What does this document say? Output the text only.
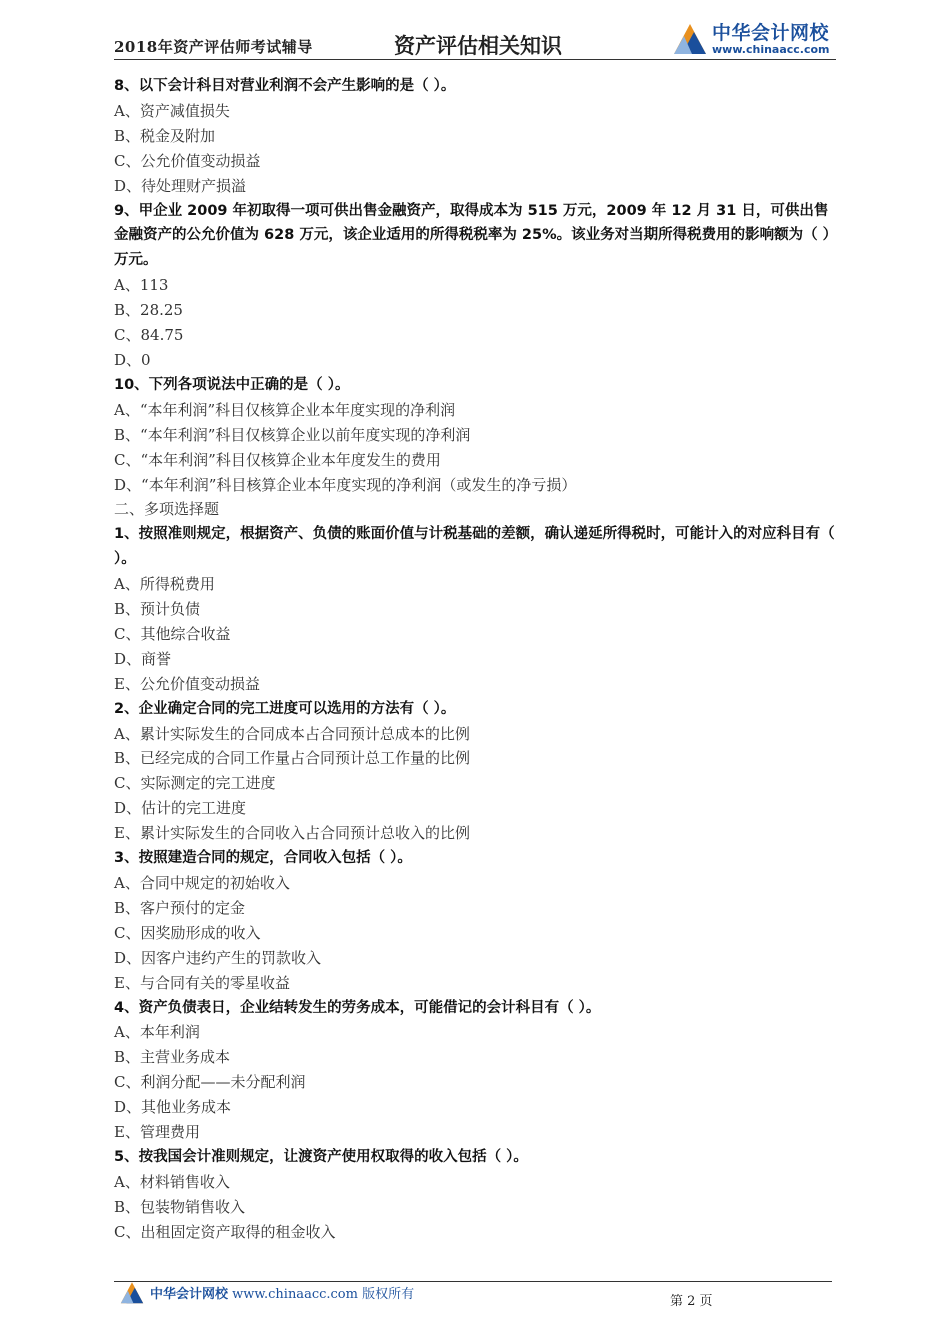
2018年资产评估师考试辅导	资产评估相关知识	中华会计网校
www.chinaacc.com
8、以下会计科目对营业利润不会产生影响的是（ ）。
A、资产减值损失
B、税金及附加
C、公允价值变动损益
D、待处理财产损溢
9、甲企业 2009 年初取得一项可供出售金融资产，取得成本为 515 万元，2009 年 12 月 31 日，可供出售金融资产的公允价值为 628 万元，该企业适用的所得税税率为 25%。该业务对当期所得税费用的影响额为（ ）万元。
A、113
B、28.25
C、84.75
D、0
10、下列各项说法中正确的是（ ）。
A、“本年利润”科目仅核算企业本年度实现的净利润
B、“本年利润”科目仅核算企业以前年度实现的净利润
C、“本年利润”科目仅核算企业本年度发生的费用
D、“本年利润”科目核算企业本年度实现的净利润（或发生的净亏损）
二、多项选择题
1、按照准则规定，根据资产、负债的账面价值与计税基础的差额，确认递延所得税时，可能计入的对应科目有（ ）。
A、所得税费用
B、预计负债
C、其他综合收益
D、商誉
E、公允价值变动损益
2、企业确定合同的完工进度可以选用的方法有（ ）。
A、累计实际发生的合同成本占合同预计总成本的比例
B、已经完成的合同工作量占合同预计总工作量的比例
C、实际测定的完工进度
D、估计的完工进度
E、累计实际发生的合同收入占合同预计总收入的比例
3、按照建造合同的规定，合同收入包括（ ）。
A、合同中规定的初始收入
B、客户预付的定金
C、因奖励形成的收入
D、因客户违约产生的罚款收入
E、与合同有关的零星收益
4、资产负债表日，企业结转发生的劳务成本，可能借记的会计科目有（ ）。
A、本年利润
B、主营业务成本
C、利润分配——未分配利润
D、其他业务成本
E、管理费用
5、按我国会计准则规定，让渡资产使用权取得的收入包括（ ）。
A、材料销售收入
B、包装物销售收入
C、出租固定资产取得的租金收入
中华会计网校 www.chinaacc.com 版权所有	第 2 页
